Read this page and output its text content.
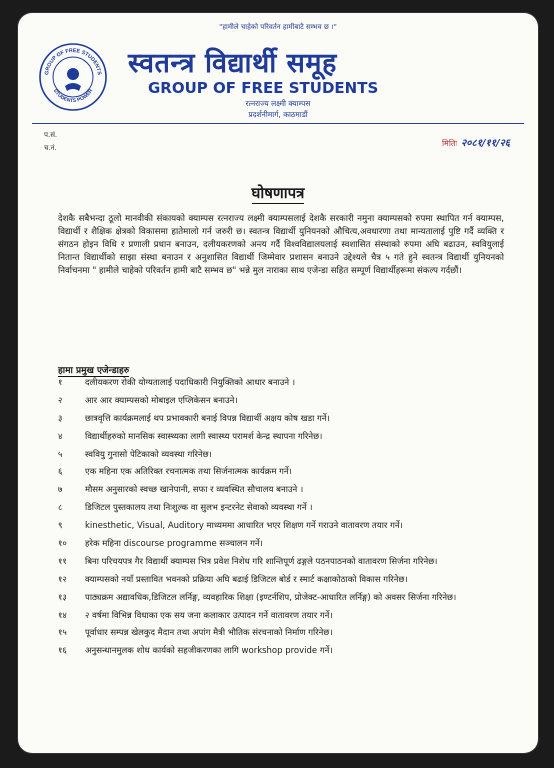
"हामीले चाहेको परिवर्तन हामीबाटै सम्भव छ ।"
GROUP OF FREE STUDENTS
STUDENTS POWER
स्वतन्त्र विद्यार्थी समूह
GROUP OF FREE STUDENTS
रत्नराज्य लक्ष्मी क्याम्पस
प्रदर्शनीमार्ग, काठमाडौं
प.सं.
च.नं.	मितिः २०८१/११/२६
घोषणापत्र
देशकै सबैभन्दा ठूलो मानवीकी संकायको क्याम्पस रत्नराज्य लक्ष्मी क्याम्पसलाई देशकै सरकारी नमुना क्याम्पसको रुपमा स्थापित गर्न क्याम्पस, विद्यार्थी र शैक्षिक क्षेत्रको विकासमा हातेमालो गर्न जरुरी छ। स्वतन्त्र विद्यार्थी युनियनको औचित्य,अवधारणा तथा मान्यतालाई पुष्टि गर्दै व्यक्ति र संगठन होइन विधि र प्रणाली प्रधान बनाउन, दलीयकरणको अन्त्य गर्दै विश्वविद्यालयलाई स्वशासित संस्थाको रुपमा अघि बढाउन, स्ववियुलाई नितान्त विद्यार्थीको साझा संस्था बनाउन र अनुशासित विद्यार्थी जिम्मेवार प्रशासन बनाउने उद्देश्यले चैत्र ५ गते हुने स्वतन्त्र विद्यार्थी युनियनको निर्वाचनमा " हामीले चाहेको परिवर्तन हामी बाटै सम्भव छ" भन्ने मुल नाराका साथ एजेन्डा सहित सम्पूर्ण विद्यार्थीहरूमा संकल्प गर्दछौं।
हामा प्रमुख एजेन्डाहरु
१	दलीयकरण रोकी योग्यतालाई पदाधिकारी नियुक्तिको आधार बनाउने ।
२	आर आर क्याम्पसको मोबाइल एप्लिकेसन बनाउने।
३	छात्रवृत्ति कार्यक्रमलाई थप प्रभावकारी बनाई विपन्न विद्यार्थी अक्षय कोष खडा गर्ने।
४	विद्यार्थीहरुको मानसिक स्वास्थ्यका लागी स्वास्थ्य परामर्श केन्द्र स्थापना गरिनेछ।
५	स्ववियु गुनासो पेटिकाको व्यवस्था गरिनेछ।
६	एक महिना एक अतिरिक्त रचनात्मक तथा सिर्जनात्मक कार्यक्रम गर्ने।
७	मौसम अनुसारको स्वच्छ खानेपानी, सफा र व्यवस्थित सौचालय बनाउने ।
८	डिजिटल पुस्तकालय तथा निःशुल्क वा सुलभ इन्टरनेट सेवाको व्यवस्था गर्ने ।
९	kinesthetic, Visual, Auditory माध्यममा आधारित भएर शिक्षण गर्ने गराउने वातावरण तयार गर्ने।
१०	हरेक महिना discourse programme सञ्चालन गर्ने।
११	बिना परिचयपत्र गैर विद्यार्थी क्याम्पस भित्र प्रवेश निशेध गरि शान्तिपूर्ण ढङ्गले पठनपाठनको वातावरण सिर्जना गरिनेछ।
१२	क्याम्पसको नयाँ प्रस्तावित भवनको प्रक्रिया अघि बढाई डिजिटल बोर्ड र स्मार्ट कक्षाकोठाको विकास गरिनेछ।
१३	पाठ्यक्रम अद्यावधिक,डिजिटल लर्निङ्ग, व्यवहारिक शिक्षा (इण्टर्नशिप, प्रोजेक्ट-आधारित लर्निङ्ग) को अवसर सिर्जना गरिनेछ।
१४	२ वर्षमा विभिन्न विधाका एक सय जना कलाकार उत्पादन गर्ने वातावरण तयार गर्ने।
१५	पूर्वाधार सम्पन्न खेलकुद मैदान तथा अपांग मैत्री भौतिक संरचनाको निर्माण गरिनेछ।
१६	अनुसन्धानमुलक शोध कार्यको सहजीकरणका लागि workshop provide गर्ने।
